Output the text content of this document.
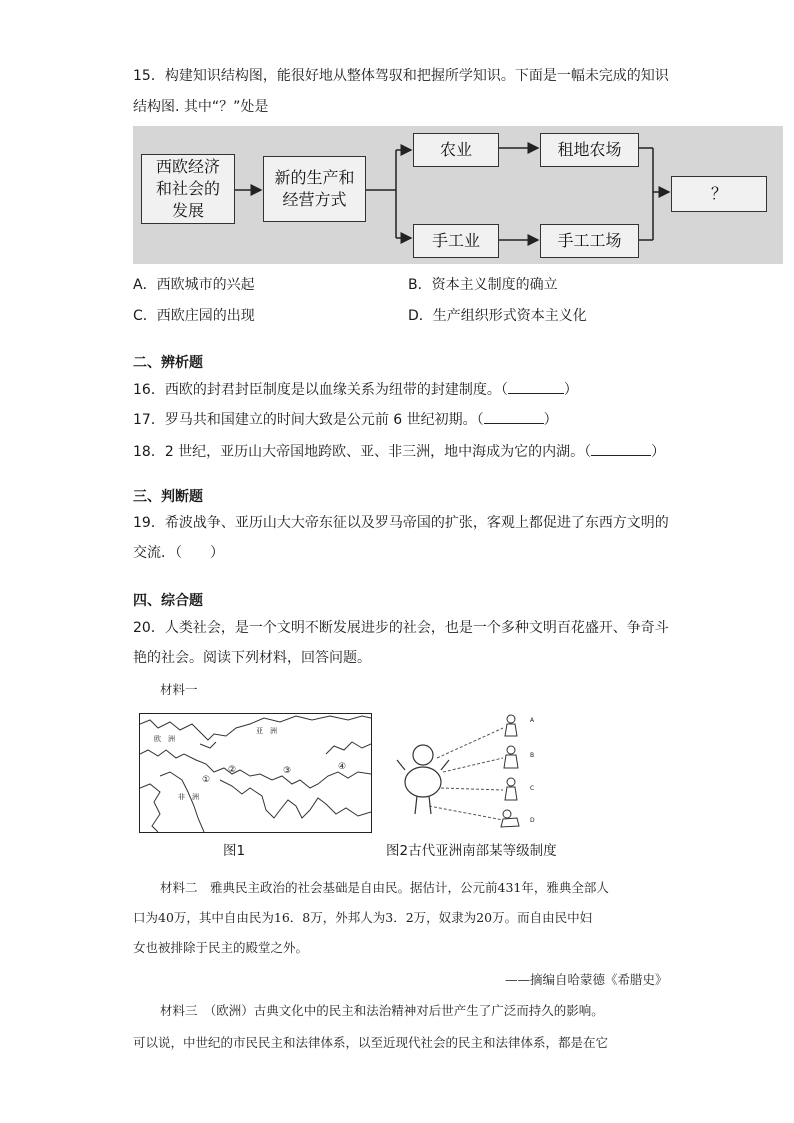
15．构建知识结构图，能很好地从整体驾驭和把握所学知识。下面是一幅未完成的知识
结构图. 其中“？”处是
西欧经济
和社会的
发展
新的生产和
经营方式
农业	租地农场
手工业	手工工场
？
A．西欧城市的兴起	B．资本主义制度的确立
C．西欧庄园的出现	D．生产组织形式资本主义化
二、辨析题
16．西欧的封君封臣制度是以血缘关系为纽带的封建制度。（	）
17．罗马共和国建立的时间大致是公元前 6 世纪初期。（	）
18．2 世纪，亚历山大帝国地跨欧、亚、非三洲，地中海成为它的内湖。（	）
三、判断题
19．希波战争、亚历山大大帝东征以及罗马帝国的扩张，客观上都促进了东西方文明的
交流．（　　）
四、综合题
20．人类社会，是一个文明不断发展进步的社会，也是一个多种文明百花盛开、争奇斗
艳的社会。阅读下列材料，回答问题。
材料一
欧　洲
亚　洲
非　洲
①
②	③	④
A
B
C
D
图1	图2古代亚洲南部某等级制度
材料二　雅典民主政治的社会基础是自由民。据估计，公元前431年，雅典全部人
口为40万，其中自由民为16．8万，外邦人为3．2万，奴隶为20万。而自由民中妇
女也被排除于民主的殿堂之外。
——摘编自哈蒙德《希腊史》
材料三　（欧洲）古典文化中的民主和法治精神对后世产生了广泛而持久的影响。
可以说，中世纪的市民民主和法律体系，以至近现代社会的民主和法律体系，都是在它
